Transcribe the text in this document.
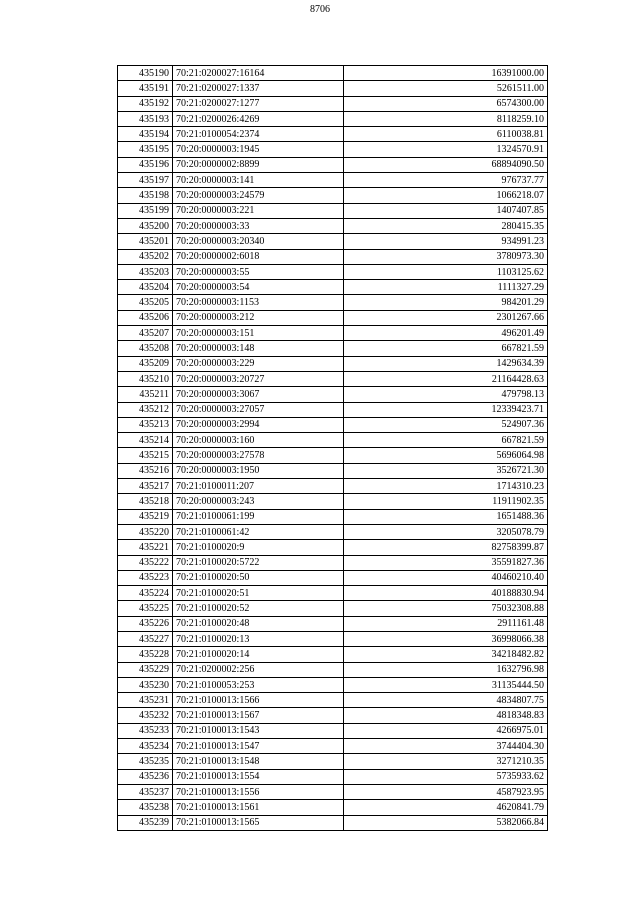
8706
435190	70:21:0200027:16164	16391000.00
435191	70:21:0200027:1337	5261511.00
435192	70:21:0200027:1277	6574300.00
435193	70:21:0200026:4269	8118259.10
435194	70:21:0100054:2374	6110038.81
435195	70:20:0000003:1945	1324570.91
435196	70:20:0000002:8899	68894090.50
435197	70:20:0000003:141	976737.77
435198	70:20:0000003:24579	1066218.07
435199	70:20:0000003:221	1407407.85
435200	70:20:0000003:33	280415.35
435201	70:20:0000003:20340	934991.23
435202	70:20:0000002:6018	3780973.30
435203	70:20:0000003:55	1103125.62
435204	70:20:0000003:54	1111327.29
435205	70:20:0000003:1153	984201.29
435206	70:20:0000003:212	2301267.66
435207	70:20:0000003:151	496201.49
435208	70:20:0000003:148	667821.59
435209	70:20:0000003:229	1429634.39
435210	70:20:0000003:20727	21164428.63
435211	70:20:0000003:3067	479798.13
435212	70:20:0000003:27057	12339423.71
435213	70:20:0000003:2994	524907.36
435214	70:20:0000003:160	667821.59
435215	70:20:0000003:27578	5696064.98
435216	70:20:0000003:1950	3526721.30
435217	70:21:0100011:207	1714310.23
435218	70:20:0000003:243	11911902.35
435219	70:21:0100061:199	1651488.36
435220	70:21:0100061:42	3205078.79
435221	70:21:0100020:9	82758399.87
435222	70:21:0100020:5722	35591827.36
435223	70:21:0100020:50	40460210.40
435224	70:21:0100020:51	40188830.94
435225	70:21:0100020:52	75032308.88
435226	70:21:0100020:48	2911161.48
435227	70:21:0100020:13	36998066.38
435228	70:21:0100020:14	34218482.82
435229	70:21:0200002:256	1632796.98
435230	70:21:0100053:253	31135444.50
435231	70:21:0100013:1566	4834807.75
435232	70:21:0100013:1567	4818348.83
435233	70:21:0100013:1543	4266975.01
435234	70:21:0100013:1547	3744404.30
435235	70:21:0100013:1548	3271210.35
435236	70:21:0100013:1554	5735933.62
435237	70:21:0100013:1556	4587923.95
435238	70:21:0100013:1561	4620841.79
435239	70:21:0100013:1565	5382066.84
